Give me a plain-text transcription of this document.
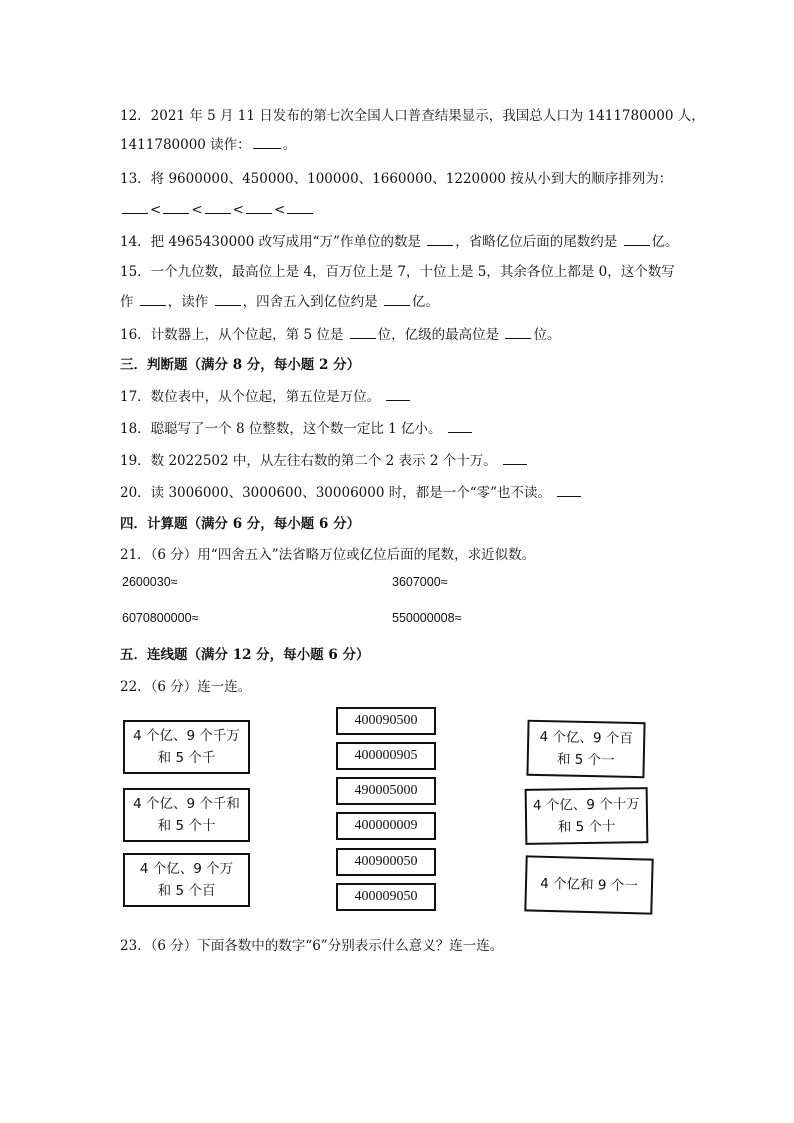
12．2021 年 5 月 11 日发布的第七次全国人口普查结果显示，我国总人口为 1411780000 人，
1411780000 读作： 。
13．将 9600000、450000、100000、1660000、1220000 按从小到大的顺序排列为：
< < < <
14．把 4965430000 改写成用“万”作单位的数是 ，省略亿位后面的尾数约是 亿。
15．一个九位数，最高位上是 4，百万位上是 7，十位上是 5，其余各位上都是 0，这个数写
作 ，读作 ，四舍五入到亿位约是 亿。
16．计数器上，从个位起，第 5 位是 位，亿级的最高位是 位。
三．判断题（满分 8 分，每小题 2 分）
17．数位表中，从个位起，第五位是万位。
18．聪聪写了一个 8 位整数，这个数一定比 1 亿小。
19．数 2022502 中，从左往右数的第二个 2 表示 2 个十万。
20．读 3006000、3000600、30006000 时，都是一个“零”也不读。
四．计算题（满分 6 分，每小题 6 分）
21．（6 分）用“四舍五入”法省略万位或亿位后面的尾数，求近似数。
2600030≈	3607000≈
6070800000≈	550000008≈
五．连线题（满分 12 分，每小题 6 分）
22．（6 分）连一连。
4 个亿、9 个千万
和 5 个千
4 个亿、9 个千和
和 5 个十
4 个亿、9 个万
和 5 个百
400090500
400000905
490005000
400000009
400900050
400009050
4 个亿、9 个百
和 5 个一
4 个亿、9 个十万
和 5 个十
4 个亿和 9 个一
23．（6 分）下面各数中的数字“6”分别表示什么意义？连一连。
